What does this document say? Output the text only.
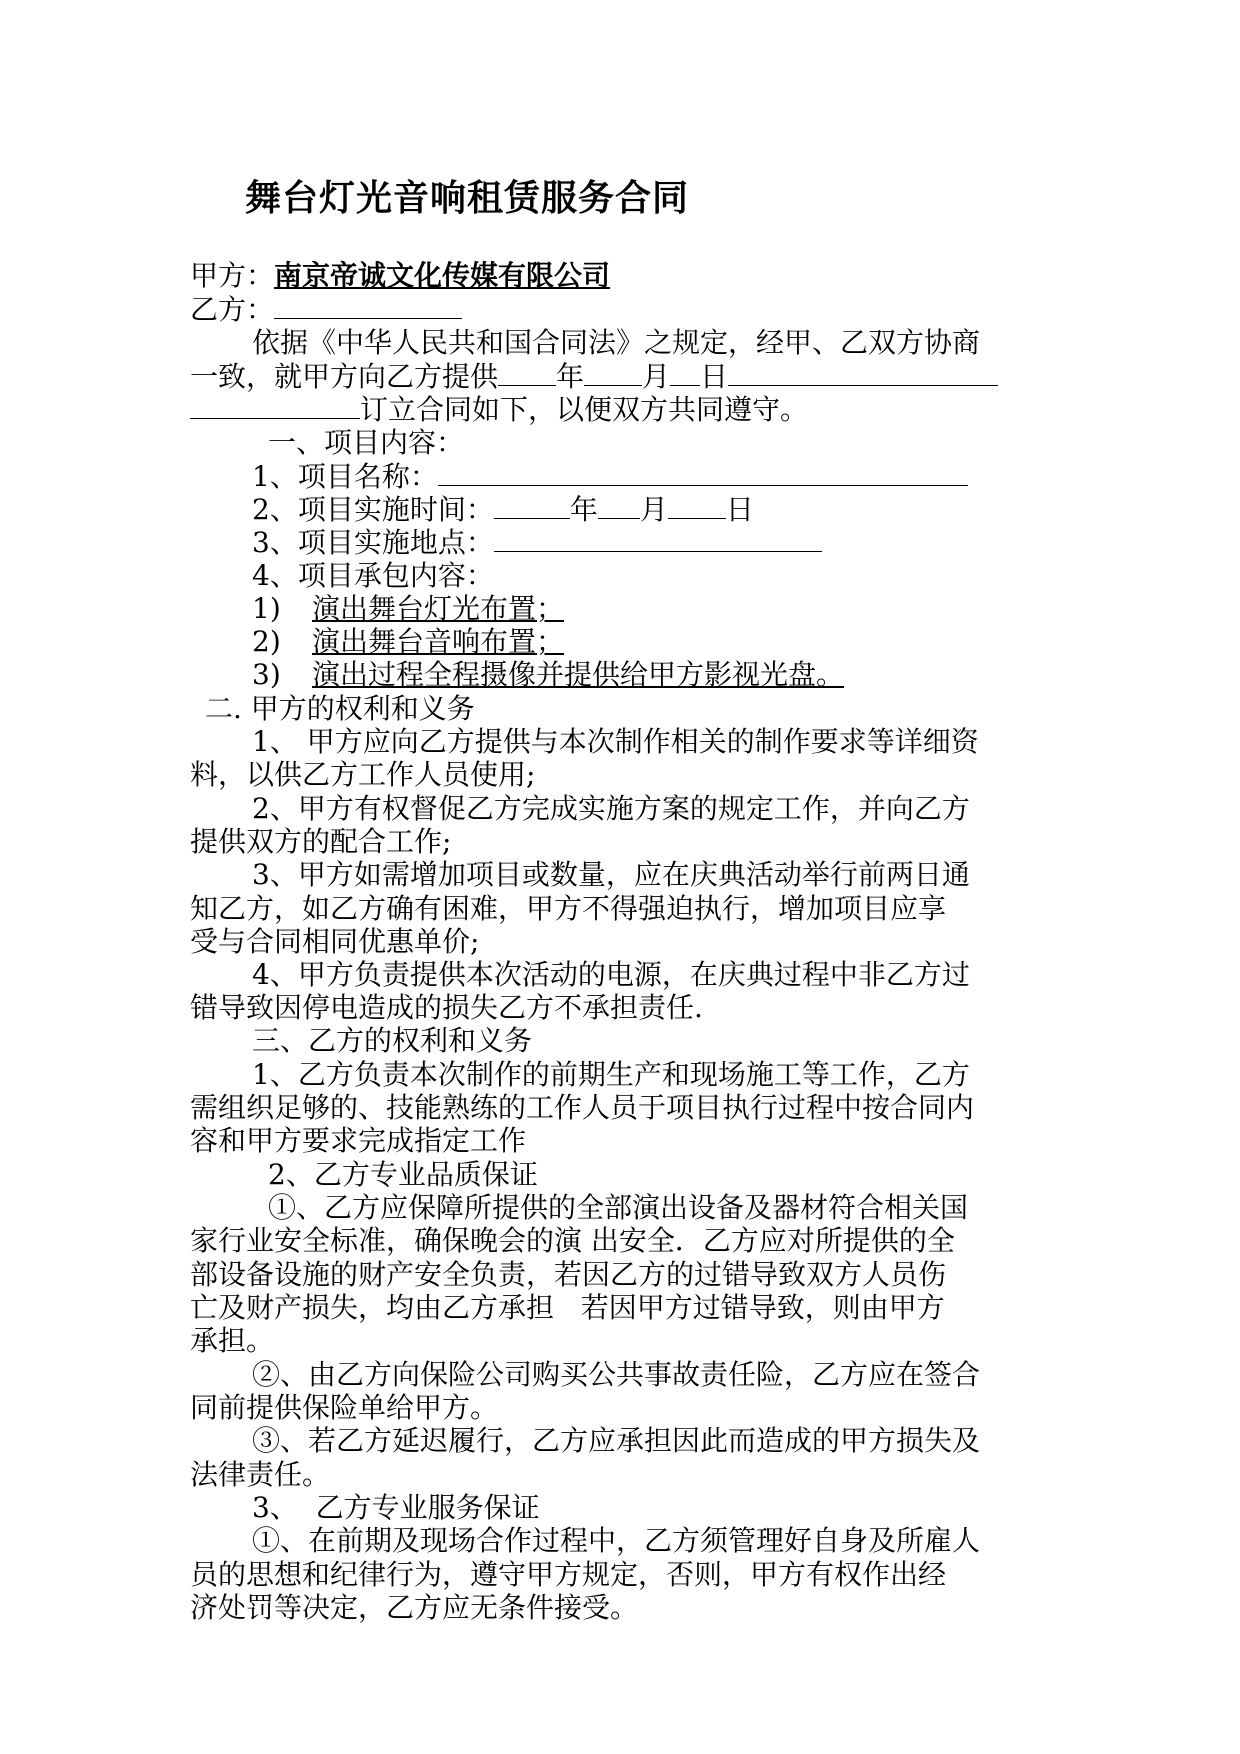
舞台灯光音响租赁服务合同
甲方：南京帝诚文化传媒有限公司
乙方：
依据《中华人民共和国合同法》之规定，经甲、乙双方协商
一致，就甲方向乙方提供 年 月 日
订立合同如下，以便双方共同遵守。
一、项目内容：
1、项目名称：
2、项目实施时间：	年 月 日
3、项目实施地点：
4、项目承包内容：
1) 演出舞台灯光布置；
2) 演出舞台音响布置；
3) 演出过程全程摄像并提供给甲方影视光盘。
二. 甲方的权利和义务
1、 甲方应向乙方提供与本次制作相关的制作要求等详细资
料，以供乙方工作人员使用;
2、甲方有权督促乙方完成实施方案的规定工作，并向乙方
提供双方的配合工作;
3、甲方如需增加项目或数量，应在庆典活动举行前两日通
知乙方，如乙方确有困难，甲方不得强迫执行，增加项目应享
受与合同相同优惠单价;
4、甲方负责提供本次活动的电源，在庆典过程中非乙方过
错导致因停电造成的损失乙方不承担责任.
三、乙方的权利和义务
1、乙方负责本次制作的前期生产和现场施工等工作，乙方
需组织足够的、技能熟练的工作人员于项目执行过程中按合同内
容和甲方要求完成指定工作
2、乙方专业品质保证
①、乙方应保障所提供的全部演出设备及器材符合相关国
家行业安全标准，确保晚会的演 出安全．乙方应对所提供的全
部设备设施的财产安全负责，若因乙方的过错导致双方人员伤
亡及财产损失，均由乙方承担   若因甲方过错导致，则由甲方
承担。
②、由乙方向保险公司购买公共事故责任险，乙方应在签合
同前提供保险单给甲方。
③、若乙方延迟履行，乙方应承担因此而造成的甲方损失及
法律责任。
3、  乙方专业服务保证
①、在前期及现场合作过程中，乙方须管理好自身及所雇人
员的思想和纪律行为，遵守甲方规定，否则，甲方有权作出经
济处罚等决定，乙方应无条件接受。
